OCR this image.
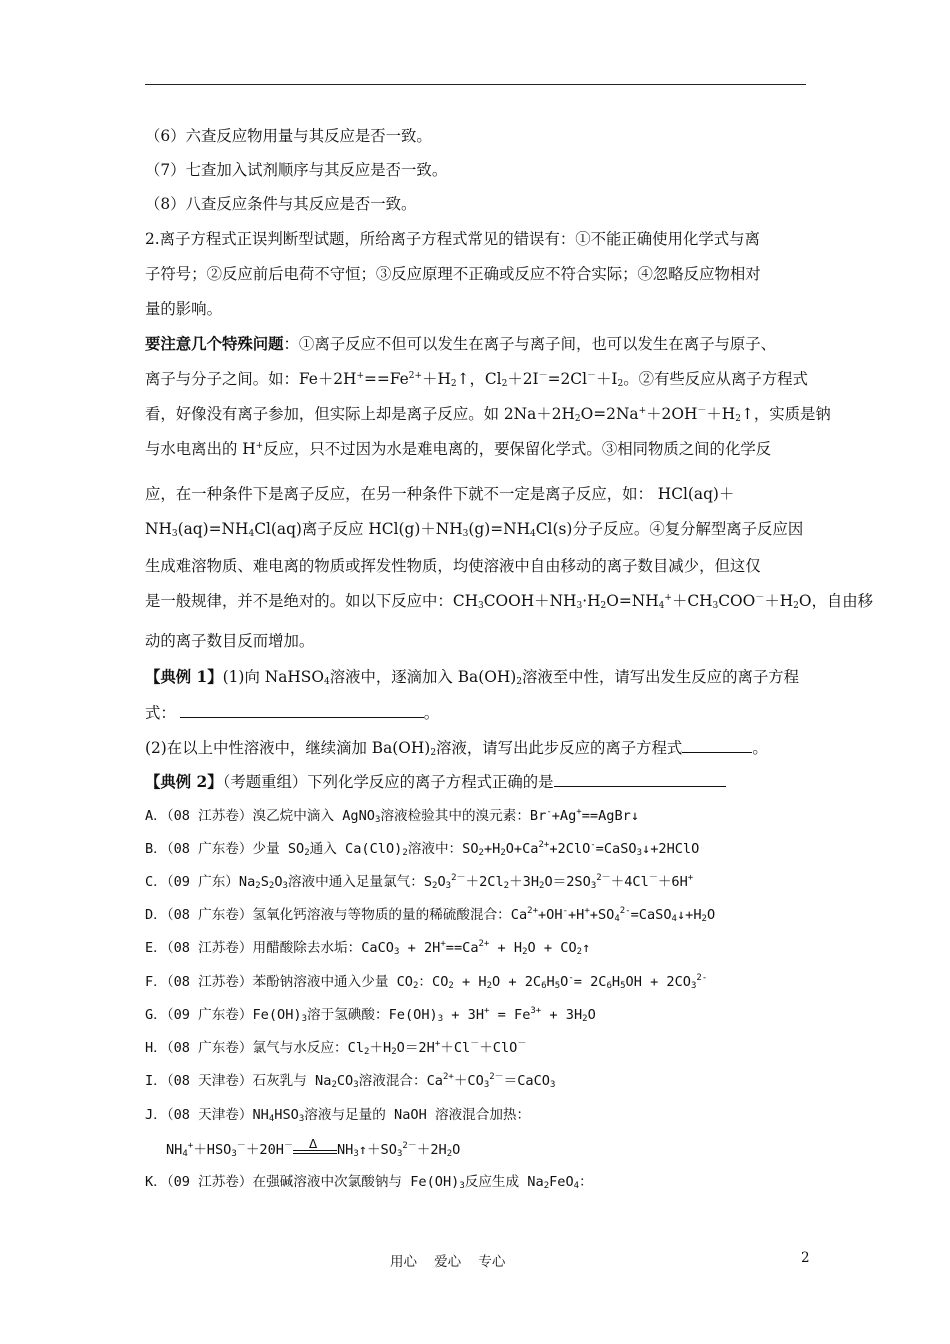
（6）六查反应物用量与其反应是否一致。
（7）七查加入试剂顺序与其反应是否一致。
（8）八查反应条件与其反应是否一致。
2.离子方程式正误判断型试题，所给离子方程式常见的错误有：①不能正确使用化学式与离
子符号；②反应前后电荷不守恒；③反应原理不正确或反应不符合实际；④忽略反应物相对
量的影响。
要注意几个特殊问题：①离子反应不但可以发生在离子与离子间，也可以发生在离子与原子、
离子与分子之间。如：$Fe+2H^+==Fe^{2+}+H_2↑$，$Cl_2+2I^-=2Cl^-+I_2$。②有些反应从离子方程式
看，好像没有离子参加，但实际上却是离子反应。如 $2Na+2H_2O=2Na^++2OH^-+H_2↑$，实质是钠
与水电离出的 H+反应，只不过因为水是难电离的，要保留化学式。③相同物质之间的化学反
应，在一种条件下是离子反应，在另一种条件下就不一定是离子反应，如： HCl(aq)＋
$NH_3(aq)=NH_4Cl(aq)$离子反应 $HCl(g)+NH_3(g)=NH_4Cl(s)$分子反应。④复分解型离子反应因
生成难溶物质、难电离的物质或挥发性物质，均使溶液中自由移动的离子数目减少，但这仅
是一般规律，并不是绝对的。如以下反应中：$CH_3COOH+NH_3\cdot H_2O=NH_4^++CH_3COO^-+H_2O$，自由移
动的离子数目反而增加。
【典例 1】(1)向 NaHSO$_4$溶液中，逐滴加入 $Ba(OH)_2$溶液至中性，请写出发生反应的离子方程
式：	。
(2)在以上中性溶液中，继续滴加 $Ba(OH)_2$溶液，请写出此步反应的离子方程式	。
【典例 2】（考题重组）下列化学反应的离子方程式正确的是
A．（08 江苏卷）溴乙烷中滴入 AgNO$_3$溶液检验其中的溴元素：Br-+Ag+==AgBr↓
B．（08 广东卷）少量 $SO_2$通入 $Ca(ClO)_2$溶液中：$SO_2+H_2O+Ca^{2+}+2ClO^-=CaSO_3↓+2HClO$
C．（09 广东）$Na_2S_2O_3$溶液中通入足量氯气：$S_2O_3^{2-}+2Cl_2+3H_2O=2SO_3^{2-}+4Cl^-+6H^+$
D．（08 广东卷）氢氧化钙溶液与等物质的量的稀硫酸混合：$Ca^{2+}+OH^-+H^++SO_4^{2-}=CaSO_4↓+H_2O$
E．（08 江苏卷）用醋酸除去水垢：CaCO$_3$ + $2H^+==Ca^{2+} + H_2O$ + $CO_2↑$
F．（08 江苏卷）苯酚钠溶液中通入少量 $CO_2$：$CO_2 + H_2O + 2C_6H_5O^-= 2C_6H_5OH + 2CO_3^{2-}$
G．（09 广东卷）$Fe(OH)_3$溶于氢碘酸：$Fe(OH)_3 + 3H^+ = Fe^{3+} + 3H_2O$
H．（08 广东卷）氯气与水反应：$Cl_2+H_2O=2H^++Cl^-+ClO^-$
I．（08 天津卷）石灰乳与 $Na_2CO_3$溶液混合：$Ca^{2+}+CO_3^{2-}=CaCO_3$
J．（08 天津卷）$NH_4HSO_3$溶液与足量的 NaOH 溶液混合加热：
$NH_4^++HSO_3^-+20H^-$ Δ $NH_3↑+SO_3^{2-}+2H_2O$
K．（09 江苏卷）在强碱溶液中次氯酸钠与 $Fe(OH)_3$反应生成 $Na_2FeO_4$：
用心    爱心    专心	2
